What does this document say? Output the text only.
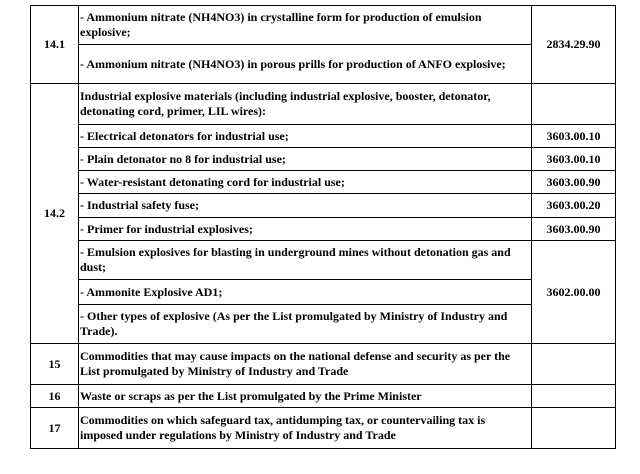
14.1	- Ammonium nitrate (NH4NO3) in crystalline form for production of emulsion explosive;	2834.29.90

	- Ammonium nitrate (NH4NO3) in porous prills for production of ANFO explosive;	

14.2	Industrial explosive materials (including industrial explosive, booster, detonator, detonating cord, primer, LIL wires):	

	- Electrical detonators for industrial use;	3603.00.10
	- Plain detonator no 8 for industrial use;	3603.00.10
	- Water-resistant detonating cord for industrial use;	3603.00.90
	- Industrial safety fuse;	3603.00.20
	- Primer for industrial explosives;	3603.00.90

	- Emulsion explosives for blasting in underground mines without detonation gas and dust;	3602.00.00
	- Ammonite Explosive AD1;	

	- Other types of explosive (As per the List promulgated by Ministry of Industry and Trade).	

15	Commodities that may cause impacts on the national defense and security as per the List promulgated by Ministry of Industry and Trade	

16	Waste or scraps as per the List promulgated by the Prime Minister	
17	Commodities on which safeguard tax, antidumping tax, or countervailing tax is imposed under regulations by Ministry of Industry and Trade	
